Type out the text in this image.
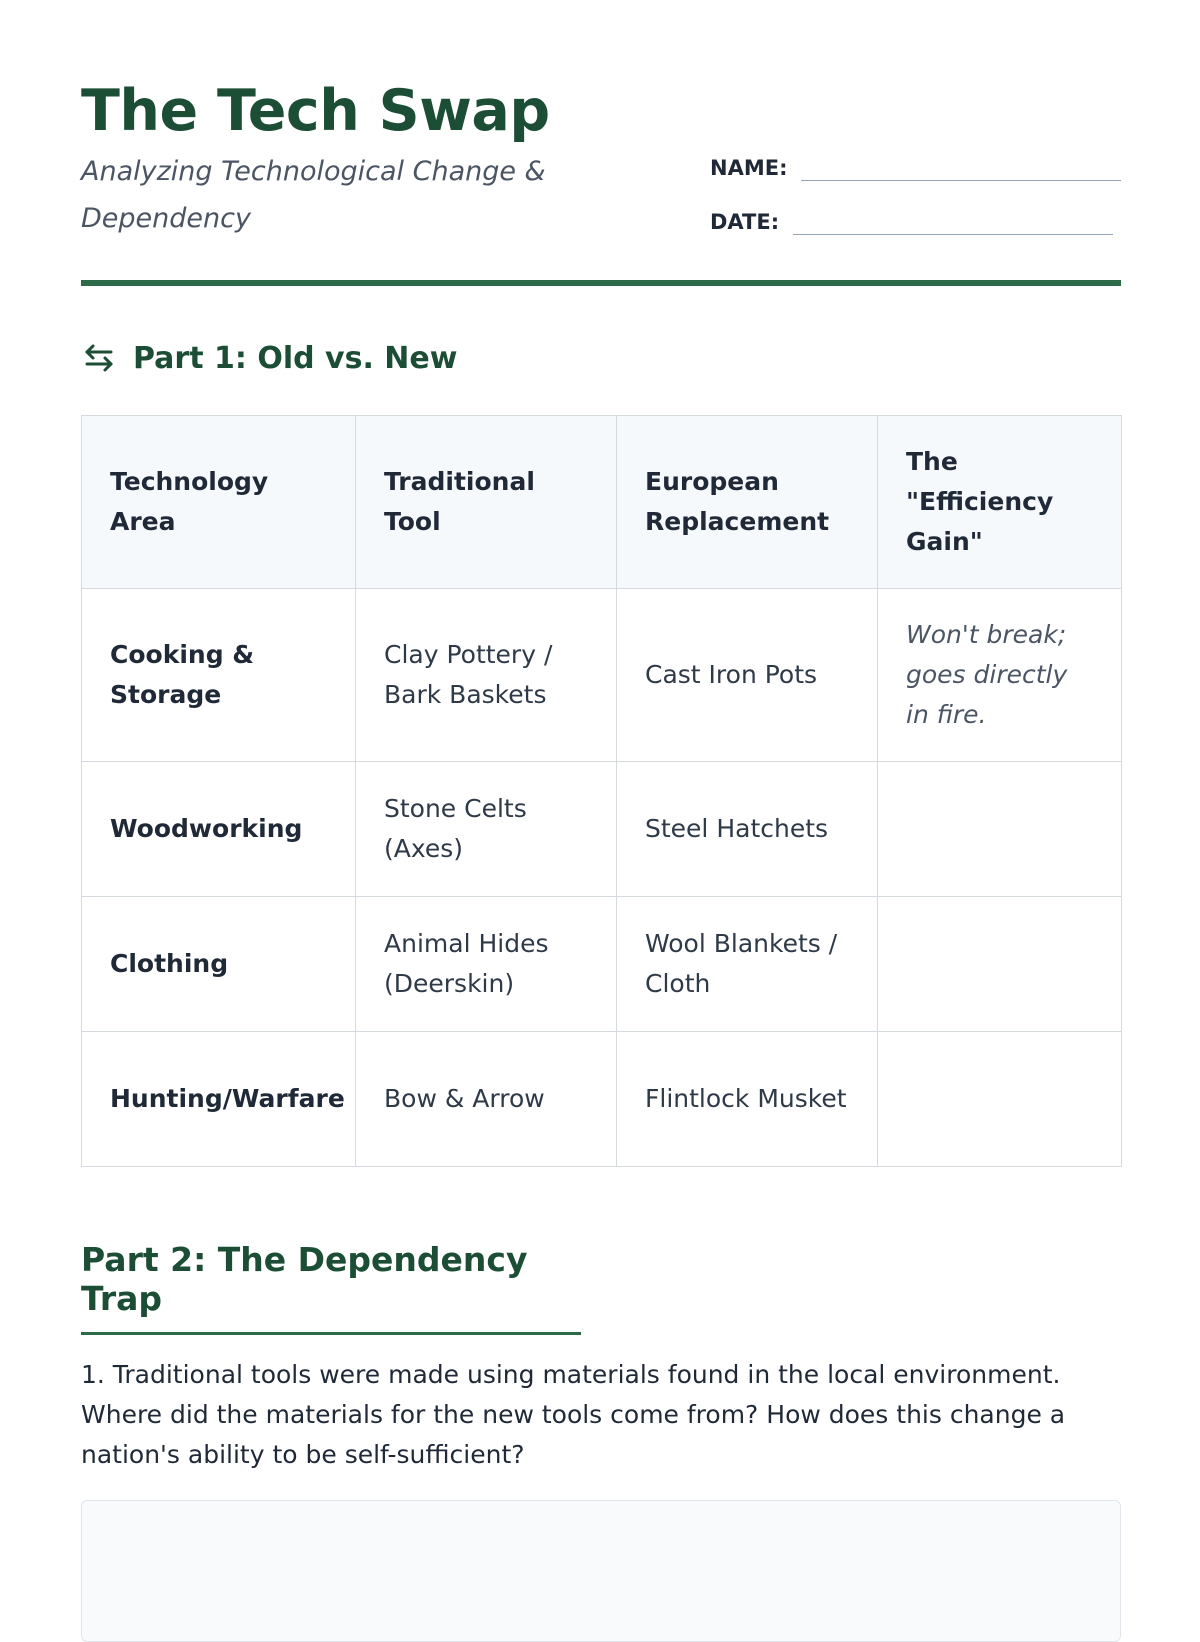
The Tech Swap

Analyzing Technological Change & Dependency

NAME:
DATE:
Part 1: Old vs. New
Technology Area	Traditional Tool	European Replacement	The "Efficiency Gain"
Cooking & Storage	Clay Pottery / Bark Baskets	Cast Iron Pots	Won't break; goes directly in fire.
Woodworking	Stone Celts (Axes)	Steel Hatchets	
Clothing	Animal Hides (Deerskin)	Wool Blankets / Cloth	
Hunting/Warfare	Bow & Arrow	Flintlock Musket	
Part 2: The Dependency Trap

1. Traditional tools were made using materials found in the local environment. Where did the materials for the new tools come from? How does this change a nation's ability to be self-sufficient?
